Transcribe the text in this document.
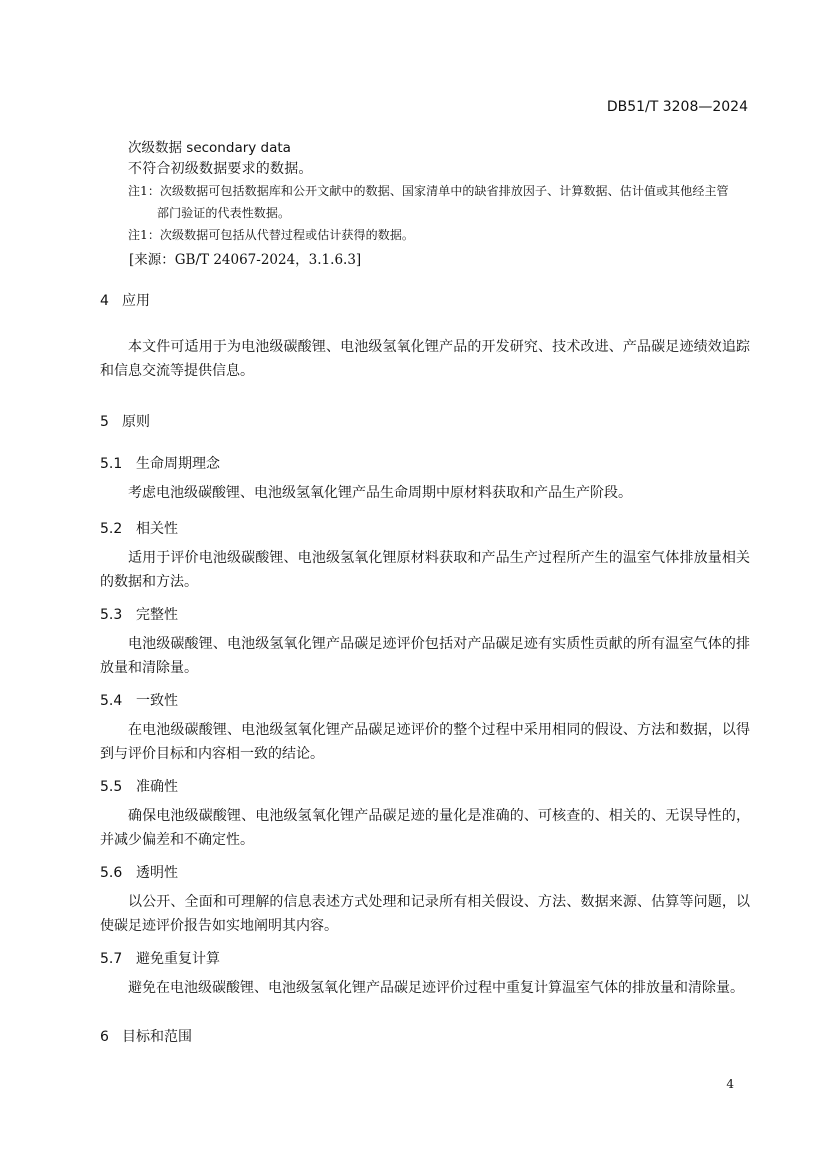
DB51/T 3208—2024
次级数据 secondary data
不符合初级数据要求的数据。
注1：次级数据可包括数据库和公开文献中的数据、国家清单中的缺省排放因子、计算数据、估计值或其他经主管
部门验证的代表性数据。
注1：次级数据可包括从代替过程或估计获得的数据。
[来源：GB/T 24067-2024，3.1.6.3]
4 应用
本文件可适用于为电池级碳酸锂、电池级氢氧化锂产品的开发研究、技术改进、产品碳足迹绩效追踪和信息交流等提供信息。
5 原则
5.1 生命周期理念
考虑电池级碳酸锂、电池级氢氧化锂产品生命周期中原材料获取和产品生产阶段。
5.2 相关性
适用于评价电池级碳酸锂、电池级氢氧化锂原材料获取和产品生产过程所产生的温室气体排放量相关的数据和方法。
5.3 完整性
电池级碳酸锂、电池级氢氧化锂产品碳足迹评价包括对产品碳足迹有实质性贡献的所有温室气体的排放量和清除量。
5.4 一致性
在电池级碳酸锂、电池级氢氧化锂产品碳足迹评价的整个过程中采用相同的假设、方法和数据，以得到与评价目标和内容相一致的结论。
5.5 准确性
确保电池级碳酸锂、电池级氢氧化锂产品碳足迹的量化是准确的、可核查的、相关的、无误导性的，并减少偏差和不确定性。
5.6 透明性
以公开、全面和可理解的信息表述方式处理和记录所有相关假设、方法、数据来源、估算等问题，以使碳足迹评价报告如实地阐明其内容。
5.7 避免重复计算
避免在电池级碳酸锂、电池级氢氧化锂产品碳足迹评价过程中重复计算温室气体的排放量和清除量。
6 目标和范围
4
